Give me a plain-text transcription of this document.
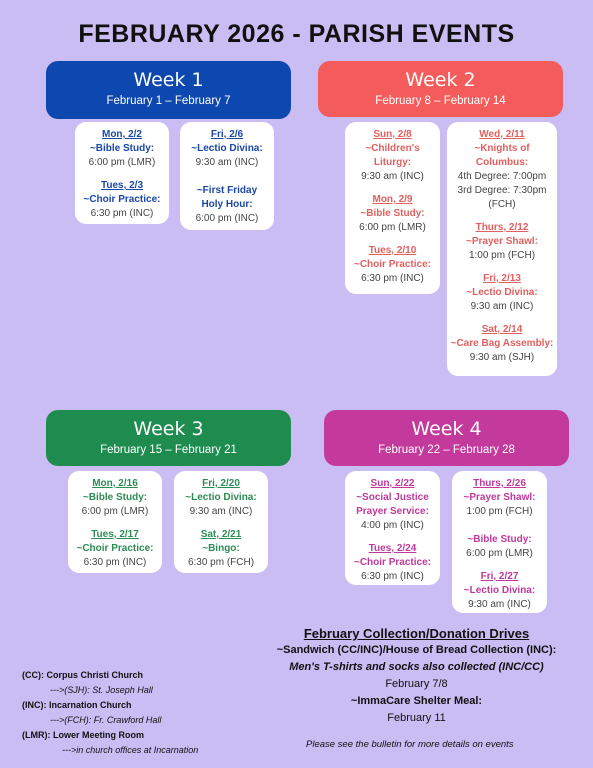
FEBRUARY 2026 - PARISH EVENTS
Week 1
February 1 – February 7
Mon, 2/2
~Bible Study:
6:00 pm (LMR)
Tues, 2/3
~Choir Practice:
6:30 pm (INC)
Fri, 2/6
~Lectio Divina:
9:30 am (INC)
~First Friday
Holy Hour:
6:00 pm (INC)
Week 2
February 8 – February 14
Sun, 2/8
~Children's
Liturgy:
9:30 am (INC)
Mon, 2/9
~Bible Study:
6:00 pm (LMR)
Tues, 2/10
~Choir Practice:
6:30 pm (INC)
Wed, 2/11
~Knights of
Columbus:
4th Degree: 7:00pm
3rd Degree: 7:30pm
(FCH)
Thurs, 2/12
~Prayer Shawl:
1:00 pm (FCH)
Fri, 2/13
~Lectio Divina:
9:30 am (INC)
Sat, 2/14
~Care Bag Assembly:
9:30 am (SJH)
Week 3
February 15 – February 21
Mon, 2/16
~Bible Study:
6:00 pm (LMR)
Tues, 2/17
~Choir Practice:
6:30 pm (INC)
Fri, 2/20
~Lectio Divina:
9:30 am (INC)
Sat, 2/21
~Bingo:
6:30 pm (FCH)
Week 4
February 22 – February 28
Sun, 2/22
~Social Justice
Prayer Service:
4:00 pm (INC)
Tues, 2/24
~Choir Practice:
6:30 pm (INC)
Thurs, 2/26
~Prayer Shawl:
1:00 pm (FCH)
~Bible Study:
6:00 pm (LMR)
Fri, 2/27
~Lectio Divina:
9:30 am (INC)
February Collection/Donation Drives
~Sandwich (CC/INC)/House of Bread Collection (INC):
Men's T-shirts and socks also collected (INC/CC)
February 7/8
~ImmaCare Shelter Meal:
February 11
(CC): Corpus Christi Church
--->(SJH): St. Joseph Hall
(INC): Incarnation Church
--->(FCH): Fr. Crawford Hall
(LMR): Lower Meeting Room
--->in church offices at Incarnation	Please see the bulletin for more details on events
